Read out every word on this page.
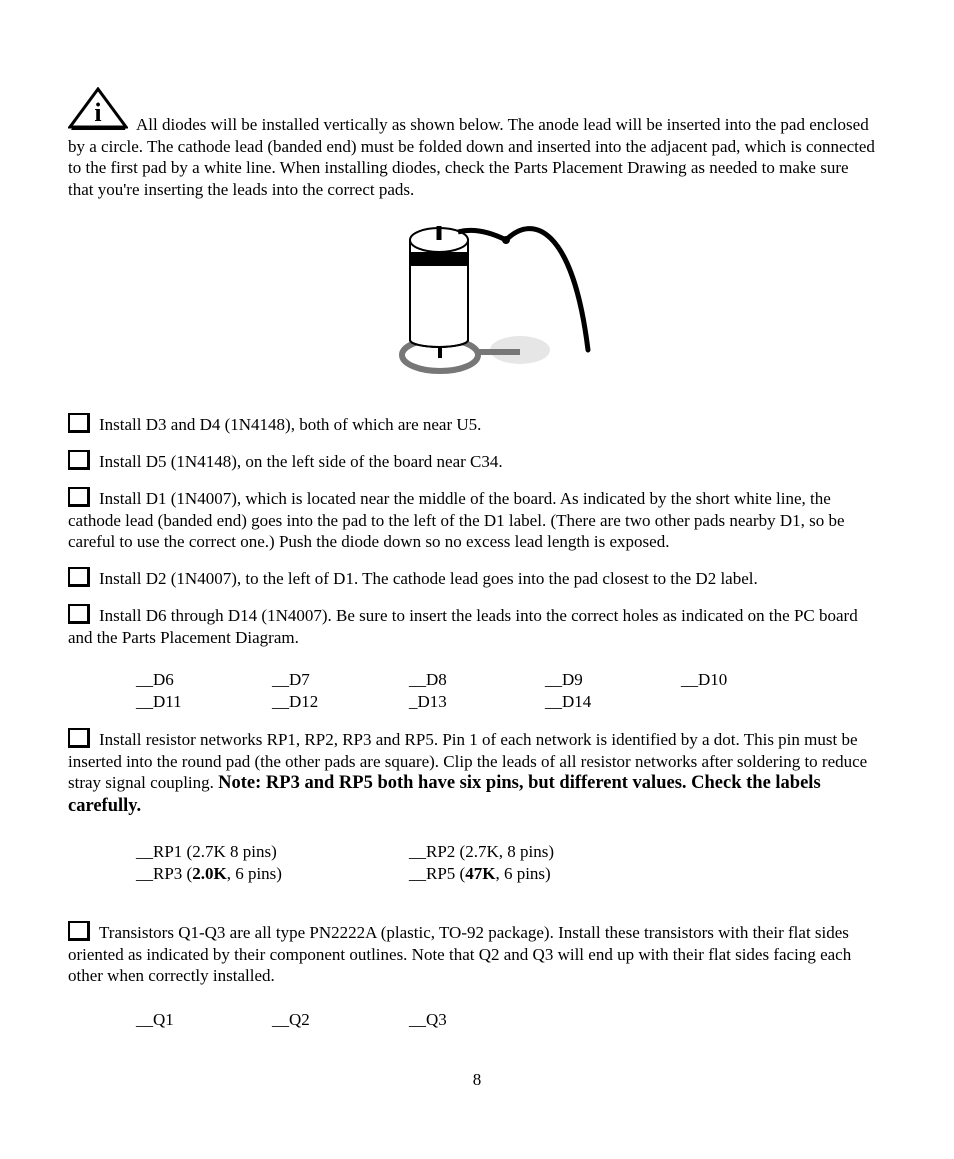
i	All diodes will be installed vertically as shown below. The anode lead will be inserted into the pad enclosed by a circle. The cathode lead (banded end) must be folded down and inserted into the adjacent pad, which is connected to the first pad by a white line. When installing diodes, check the Parts Placement Drawing as needed to make sure that you're inserting the leads into the correct pads.
Install D3 and D4 (1N4148), both of which are near U5.
Install D5 (1N4148), on the left side of the board near C34.
Install D1 (1N4007), which is located near the middle of the board. As indicated by the short white line, the cathode lead (banded end) goes into the pad to the left of the D1 label. (There are two other pads nearby D1, so be careful to use the correct one.) Push the diode down so no excess lead length is exposed.
Install D2 (1N4007), to the left of D1. The cathode lead goes into the pad closest to the D2 label.
Install D6 through D14 (1N4007). Be sure to insert the leads into the correct holes as indicated on the PC board and the Parts Placement Diagram.
__D6	__D7	__D8	__D9	__D10
__D11	__D12	_D13	__D14
Install resistor networks RP1, RP2, RP3 and RP5. Pin 1 of each network is identified by a dot. This pin must be inserted into the round pad (the other pads are square). Clip the leads of all resistor networks after soldering to reduce stray signal coupling. Note: RP3 and RP5 both have six pins, but different values. Check the labels carefully.
__RP1 (2.7K 8 pins)	__RP2 (2.7K, 8 pins)
__RP3 (2.0K, 6 pins)	__RP5 (47K, 6 pins)
Transistors Q1-Q3 are all type PN2222A (plastic, TO-92 package). Install these transistors with their flat sides oriented as indicated by their component outlines. Note that Q2 and Q3 will end up with their flat sides facing each other when correctly installed.
__Q1	__Q2	__Q3
8
